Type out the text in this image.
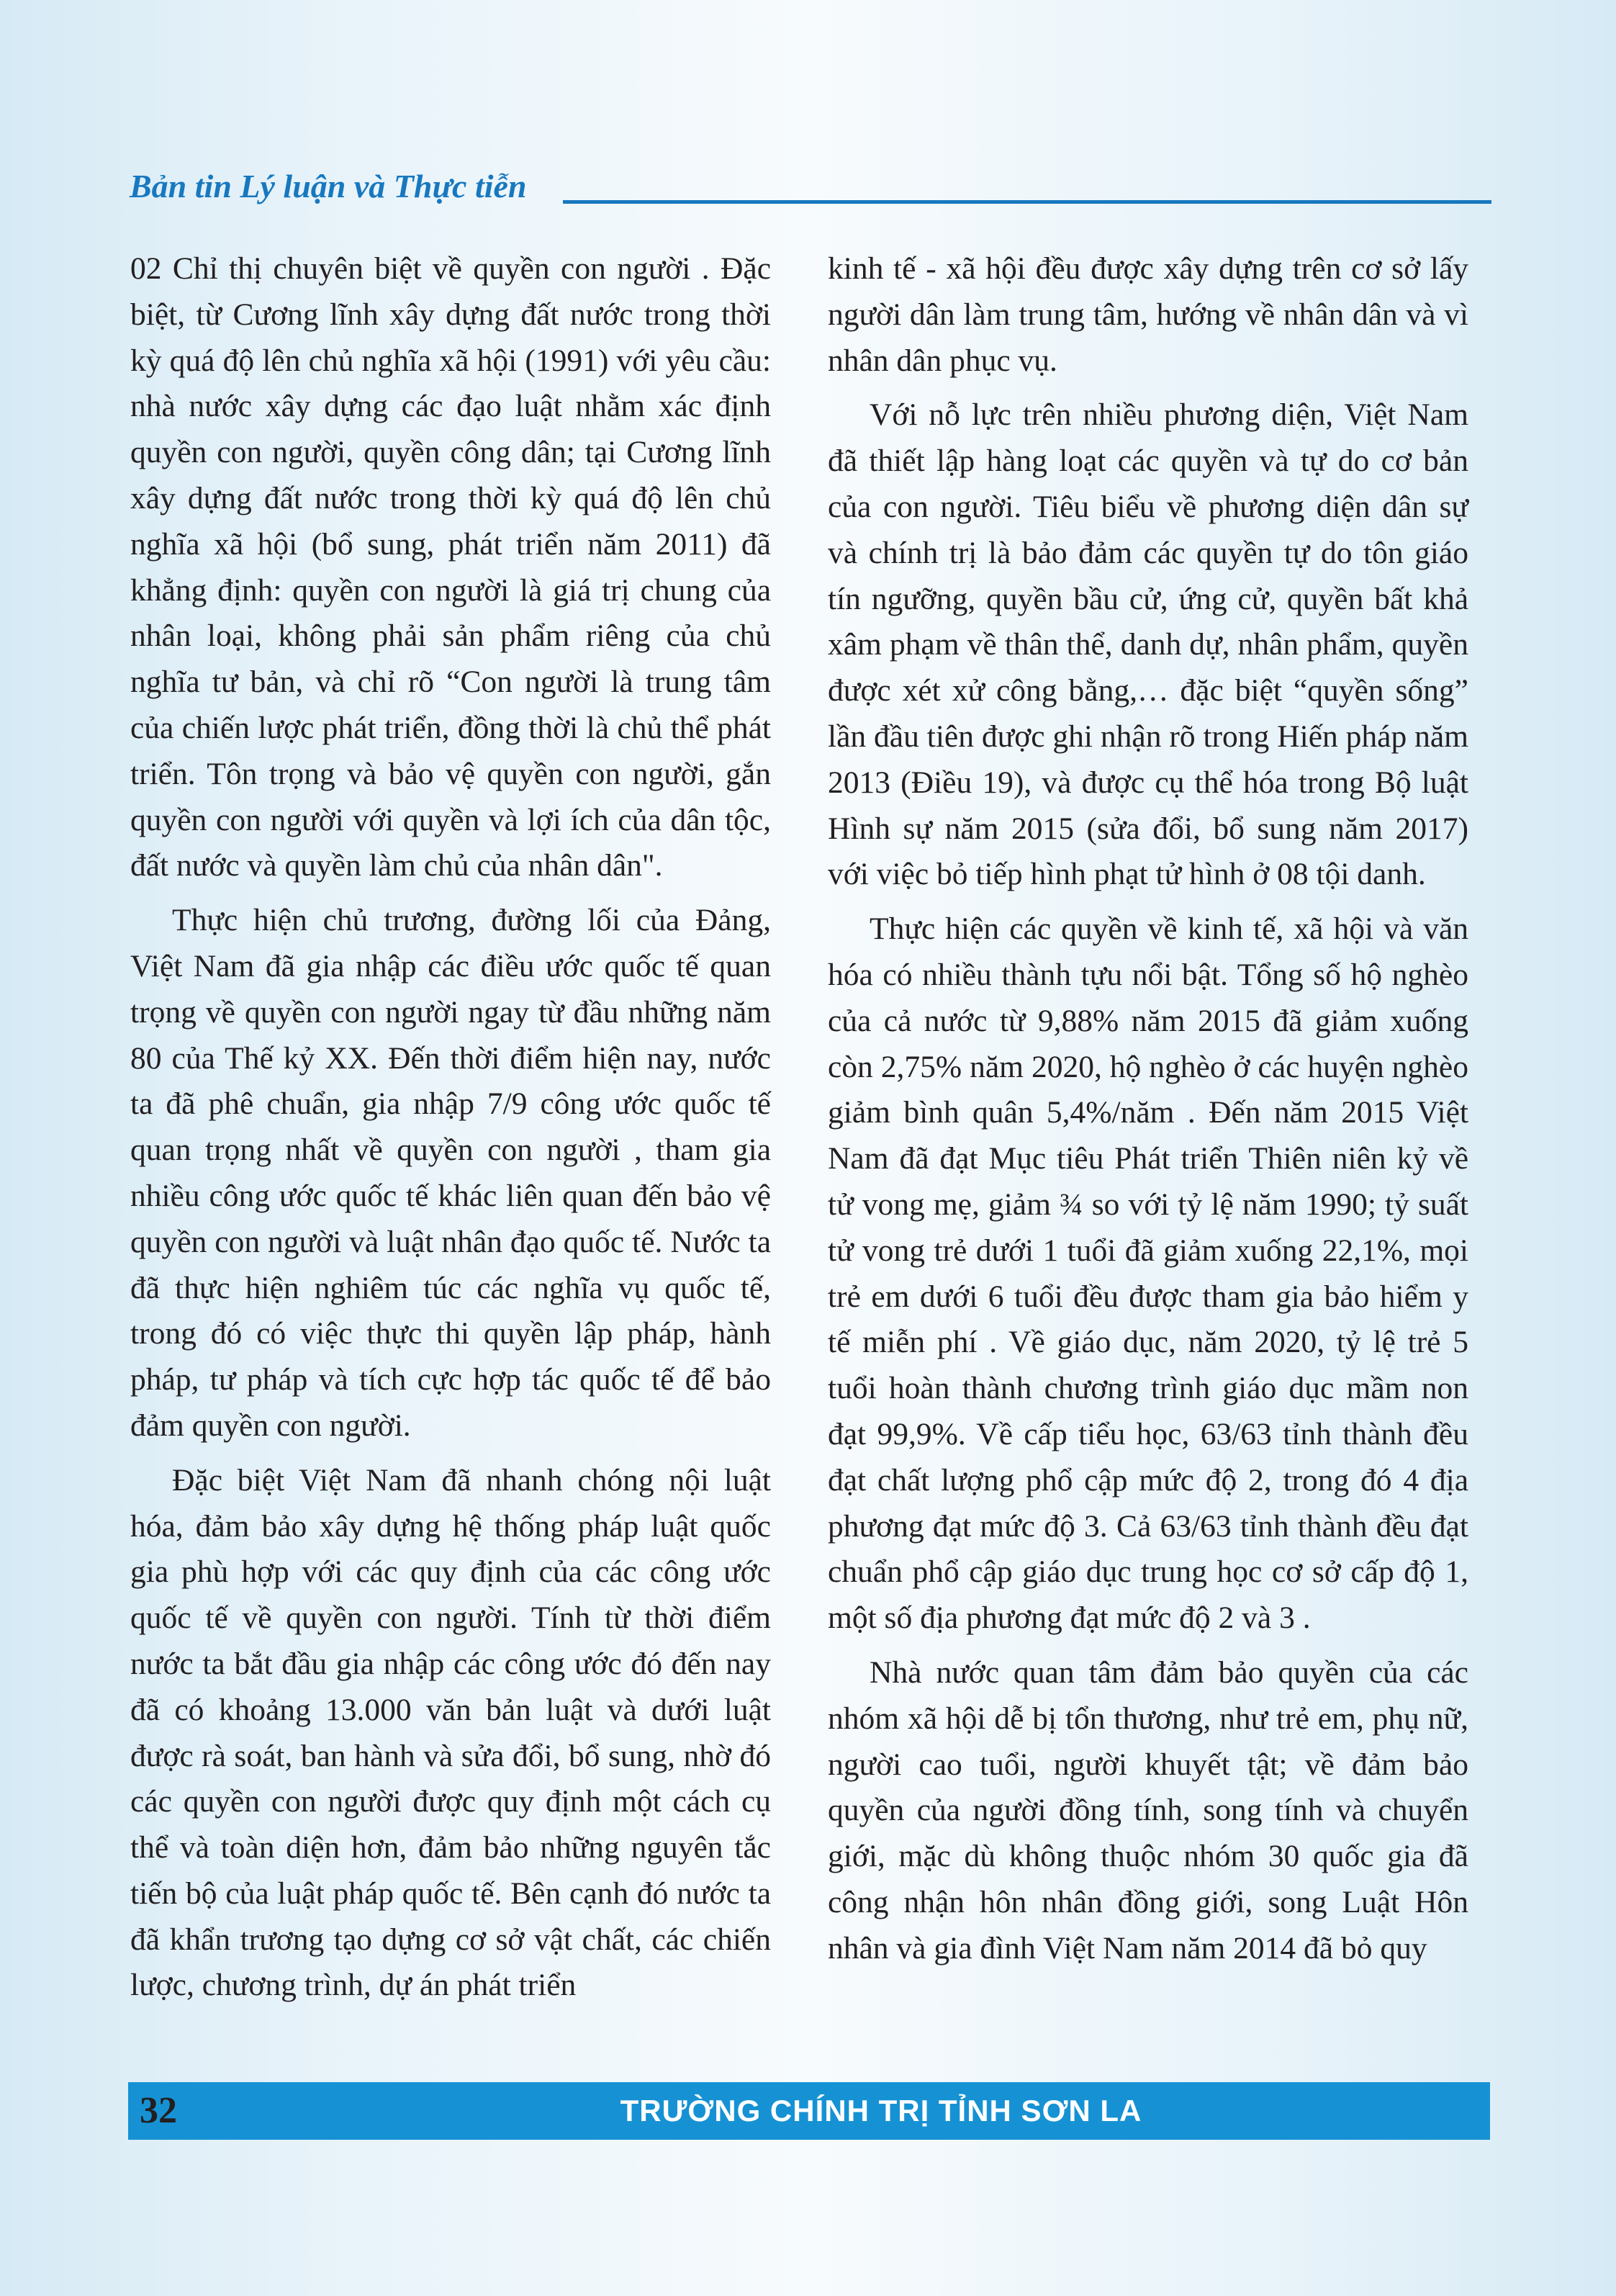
Bản tin Lý luận và Thực tiễn

02 Chỉ thị chuyên biệt về quyền con người . Đặc biệt, từ Cương lĩnh xây dựng đất nước trong thời kỳ quá độ lên chủ nghĩa xã hội (1991) với yêu cầu: nhà nước xây dựng các đạo luật nhằm xác định quyền con người, quyền công dân; tại Cương lĩnh xây dựng đất nước trong thời kỳ quá độ lên chủ nghĩa xã hội (bổ sung, phát triển năm 2011) đã khẳng định: quyền con người là giá trị chung của nhân loại, không phải sản phẩm riêng của chủ nghĩa tư bản, và chỉ rõ “Con người là trung tâm của chiến lược phát triển, đồng thời là chủ thể phát triển. Tôn trọng và bảo vệ quyền con người, gắn quyền con người với quyền và lợi ích của dân tộc, đất nước và quyền làm chủ của nhân dân".

Thực hiện chủ trương, đường lối của Đảng, Việt Nam đã gia nhập các điều ước quốc tế quan trọng về quyền con người ngay từ đầu những năm 80 của Thế kỷ XX. Đến thời điểm hiện nay, nước ta đã phê chuẩn, gia nhập 7/9 công ước quốc tế quan trọng nhất về quyền con người , tham gia nhiều công ước quốc tế khác liên quan đến bảo vệ quyền con người và luật nhân đạo quốc tế. Nước ta đã thực hiện nghiêm túc các nghĩa vụ quốc tế, trong đó có việc thực thi quyền lập pháp, hành pháp, tư pháp và tích cực hợp tác quốc tế để bảo đảm quyền con người.

Đặc biệt Việt Nam đã nhanh chóng nội luật hóa, đảm bảo xây dựng hệ thống pháp luật quốc gia phù hợp với các quy định của các công ước quốc tế về quyền con người. Tính từ thời điểm nước ta bắt đầu gia nhập các công ước đó đến nay đã có khoảng 13.000 văn bản luật và dưới luật được rà soát, ban hành và sửa đổi, bổ sung, nhờ đó các quyền con người được quy định một cách cụ thể và toàn diện hơn, đảm bảo những nguyên tắc tiến bộ của luật pháp quốc tế. Bên cạnh đó nước ta đã khẩn trương tạo dựng cơ sở vật chất, các chiến lược, chương trình, dự án phát triển

kinh tế - xã hội đều được xây dựng trên cơ sở lấy người dân làm trung tâm, hướng về nhân dân và vì nhân dân phục vụ.

Với nỗ lực trên nhiều phương diện, Việt Nam đã thiết lập hàng loạt các quyền và tự do cơ bản của con người. Tiêu biểu về phương diện dân sự và chính trị là bảo đảm các quyền tự do tôn giáo tín ngưỡng, quyền bầu cử, ứng cử, quyền bất khả xâm phạm về thân thể, danh dự, nhân phẩm, quyền được xét xử công bằng,… đặc biệt “quyền sống” lần đầu tiên được ghi nhận rõ trong Hiến pháp năm 2013 (Điều 19), và được cụ thể hóa trong Bộ luật Hình sự năm 2015 (sửa đổi, bổ sung năm 2017) với việc bỏ tiếp hình phạt tử hình ở 08 tội danh.

Thực hiện các quyền về kinh tế, xã hội và văn hóa có nhiều thành tựu nổi bật. Tổng số hộ nghèo của cả nước từ 9,88% năm 2015 đã giảm xuống còn 2,75% năm 2020, hộ nghèo ở các huyện nghèo giảm bình quân 5,4%/năm . Đến năm 2015 Việt Nam đã đạt Mục tiêu Phát triển Thiên niên kỷ về tử vong mẹ, giảm ¾ so với tỷ lệ năm 1990; tỷ suất tử vong trẻ dưới 1 tuổi đã giảm xuống 22,1%, mọi trẻ em dưới 6 tuổi đều được tham gia bảo hiểm y tế miễn phí . Về giáo dục, năm 2020, tỷ lệ trẻ 5 tuổi hoàn thành chương trình giáo dục mầm non đạt 99,9%. Về cấp tiểu học, 63/63 tỉnh thành đều đạt chất lượng phổ cập mức độ 2, trong đó 4 địa phương đạt mức độ 3. Cả 63/63 tỉnh thành đều đạt chuẩn phổ cập giáo dục trung học cơ sở cấp độ 1, một số địa phương đạt mức độ 2 và 3 .

Nhà nước quan tâm đảm bảo quyền của các nhóm xã hội dễ bị tổn thương, như trẻ em, phụ nữ, người cao tuổi, người khuyết tật; về đảm bảo quyền của người đồng tính, song tính và chuyển giới, mặc dù không thuộc nhóm 30 quốc gia đã công nhận hôn nhân đồng giới, song Luật Hôn nhân và gia đình Việt Nam năm 2014 đã bỏ quy

32	TRƯỜNG CHÍNH TRỊ TỈNH SƠN LA
